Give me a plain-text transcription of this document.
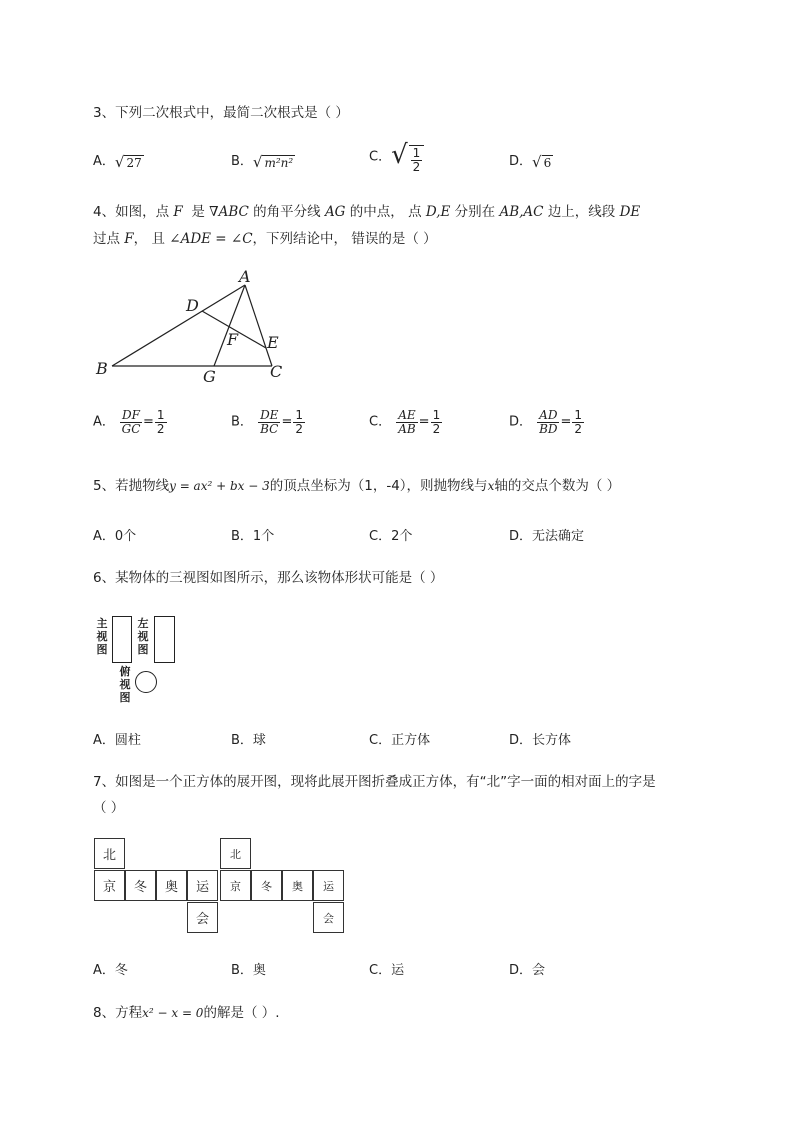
3、下列二次根式中，最简二次根式是（ ）
A．√ 27	B．√ m²n²	C．√ $\frac{1}{2}$	D．√ 6
4、如图，点 F 是 ∇ABC 的角平分线 AG 的中点， 点 D,E 分别在 AB,AC 边上，线段 DE
过点 F， 且 ∠ADE = ∠C，下列结论中， 错误的是（ ）
A
B	C
D
E
F
G
A． $\frac{DF}{GC} = \frac{1}{2}$	B． $\frac{DE}{BC} = \frac{1}{2}$	C． $\frac{AE}{AB} = \frac{1}{2}$	D． $\frac{AD}{BD} = \frac{1}{2}$
5、若抛物线y = ax² + bx − 3的顶点坐标为（1，-4），则抛物线与x轴的交点个数为（ ）
A．0个	B．1个	C．2个	D．无法确定
6、某物体的三视图如图所示，那么该物体形状可能是（ ）
主
视
图
左
视
图
俯
视
图
A．圆柱	B．球	C．正方体	D．长方体
7、如图是一个正方体的展开图，现将此展开图折叠成正方体，有“北”字一面的相对面上的字是
（ ）
北
京	冬	奥	运
会
北
京	冬	奥	运
会
A．冬	B．奥	C．运	D．会
8、方程x² − x = 0的解是（ ）.
